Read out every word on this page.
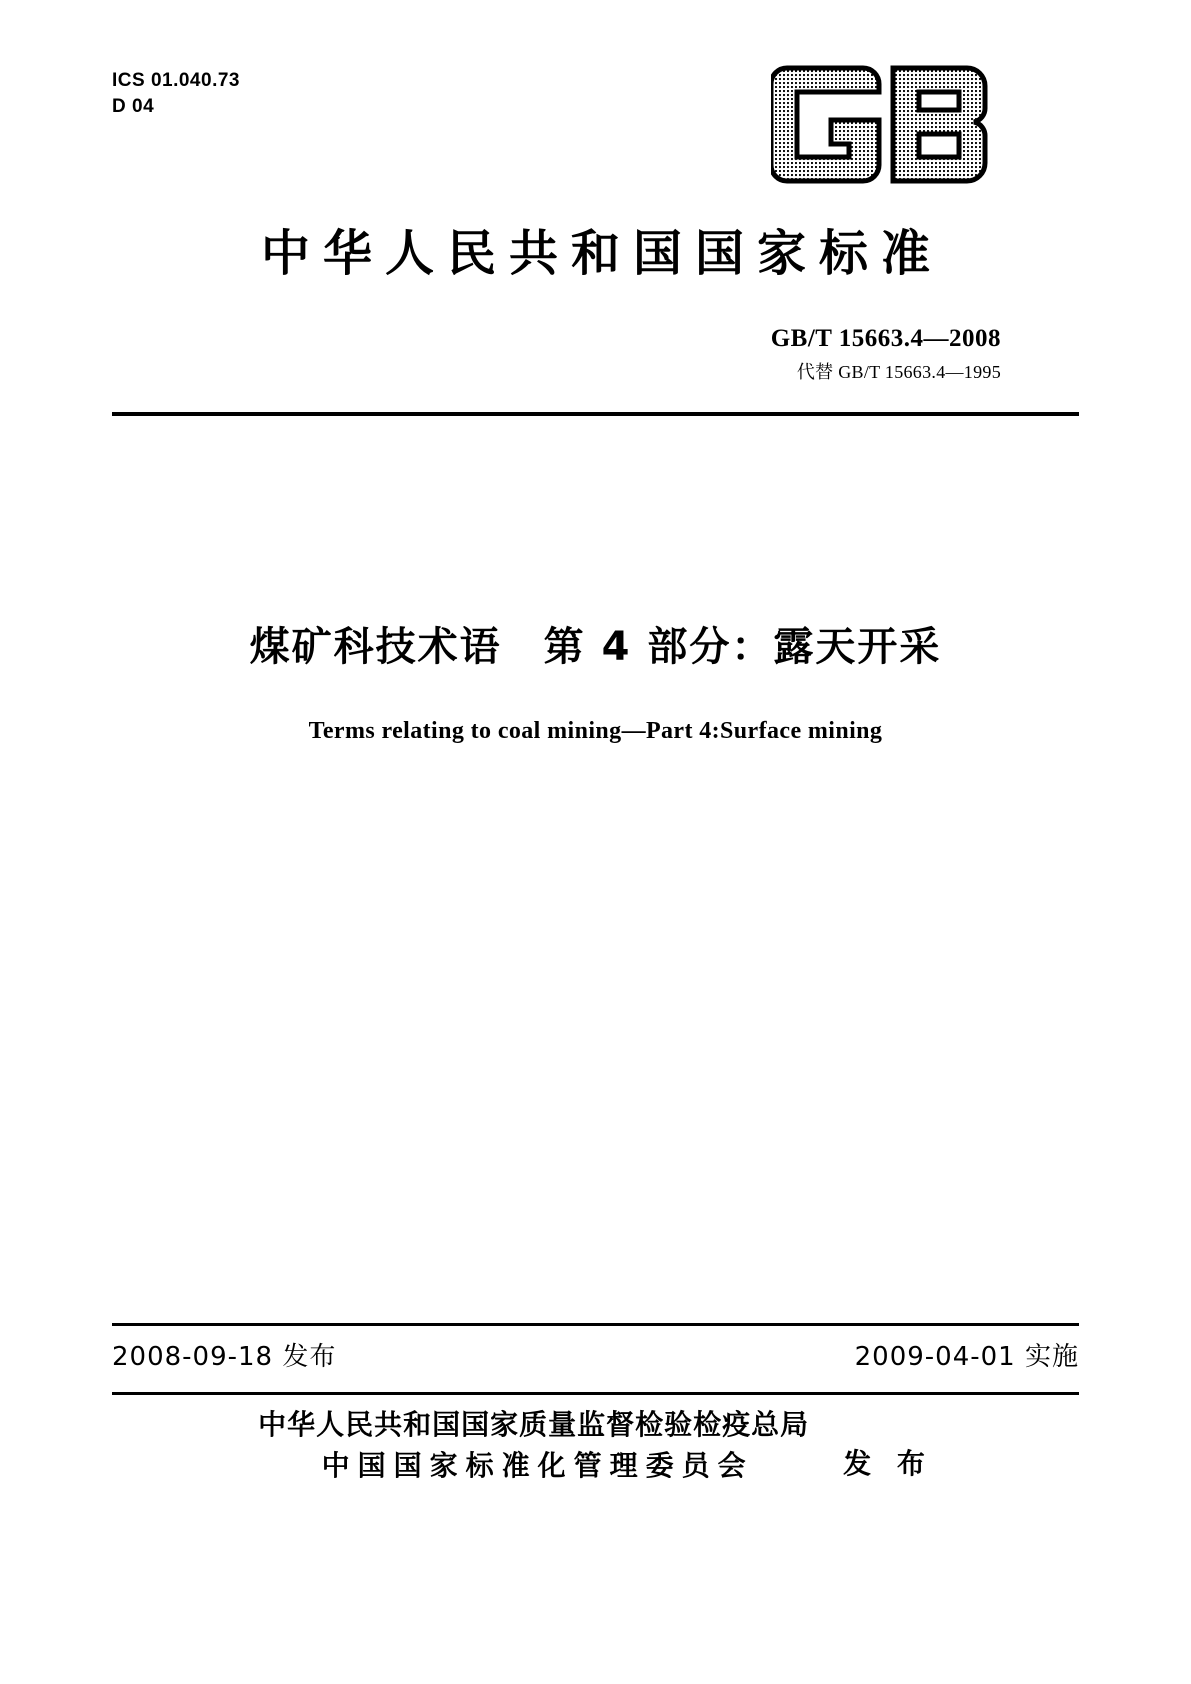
ICS 01.040.73
D 04
中华人民共和国国家标准
GB/T 15663.4—2008
代替 GB/T 15663.4—1995
煤矿科技术语　第 4 部分：露天开采
Terms relating to coal mining—Part 4:Surface mining
2008-09-18 发布	2009-04-01 实施
中华人民共和国国家质量监督检验检疫总局
中国国家标准化管理委员会	发 布
